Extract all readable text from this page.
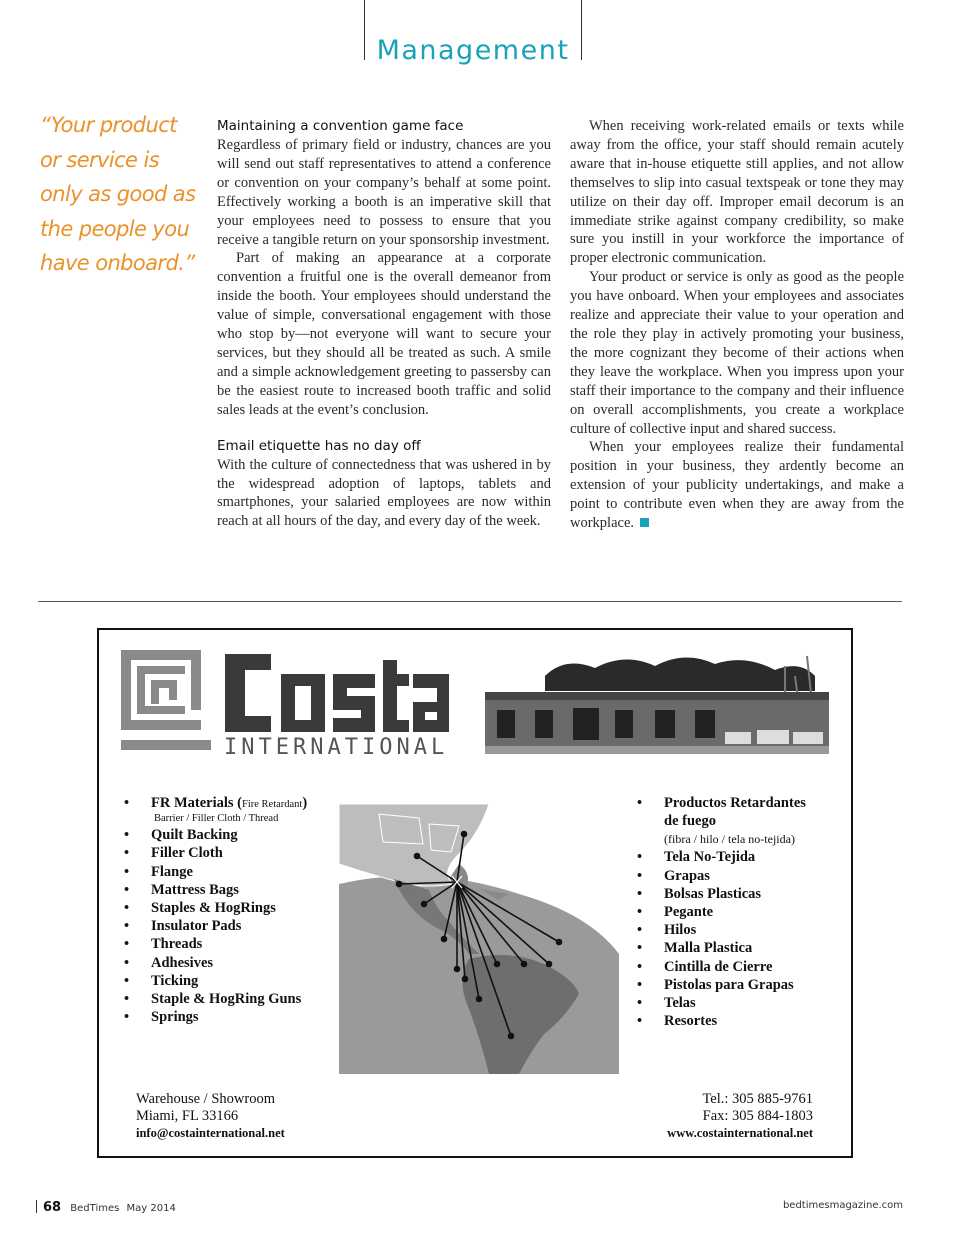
Management
“Your product
or service is
only as good as
the people you
have onboard.”
Maintaining a convention game face

Regardless of primary field or industry, chances are you will send out staff representatives to attend a conference or convention on your company’s behalf at some point. Effectively working a booth is an imperative skill that your employees need to possess to ensure that you receive a tangible return on your sponsorship investment.

Part of making an appearance at a corporate convention a fruitful one is the overall demeanor from inside the booth. Your employees should understand the value of simple, conversational engagement with those who stop by—not everyone will want to secure your services, but they should all be treated as such. A smile and a simple acknowledgement greeting to passersby can be the easiest route to increased booth traffic and solid sales leads at the event’s conclusion.

Email etiquette has no day off

With the culture of connectedness that was ushered in by the widespread adoption of laptops, tablets and smartphones, your salaried employees are now within reach at all hours of the day, and every day of the week.

When receiving work-related emails or texts while away from the office, your staff should remain acutely aware that in-house etiquette still applies, and not allow themselves to slip into casual textspeak or tone they may utilize on their day off. Improper email decorum is an immediate strike against company credibility, so make sure you instill in your workforce the importance of proper electronic communication.

Your product or service is only as good as the people you have onboard. When your employees and associates realize and appreciate their value to your operation and the role they play in actively promoting your business, the more cognizant they become of their actions when they leave the workplace. When you impress upon your staff their importance to the company and their influence on overall accomplishments, you create a workplace culture of collective input and shared success.

When your employees realize their fundamental position in your business, they ardently become an extension of your publicity undertakings, and make a point to contribute even when they are away from the workplace.

INTERNATIONAL
• FR Materials (Fire Retardant)
Barrier / Filler Cloth / Thread
• Quilt Backing
• Filler Cloth
• Flange
• Mattress Bags
• Staples & HogRings
• Insulator Pads
• Threads
• Adhesives
• Ticking
• Staple & HogRing Guns
• Springs
• Productos Retardantes de fuego
(fibra / hilo / tela no-tejida)
• Tela No-Tejida
• Grapas
• Bolsas Plasticas
• Pegante
• Hilos
• Malla Plastica
• Cintilla de Cierre
• Pistolas para Grapas
• Telas
• Resortes
Warehouse / Showroom
Miami, FL 33166
info@costainternational.net
Tel.: 305 885-9761
Fax: 305 884-1803
www.costainternational.net
68 BedTimes May 2014	bedtimesmagazine.com
